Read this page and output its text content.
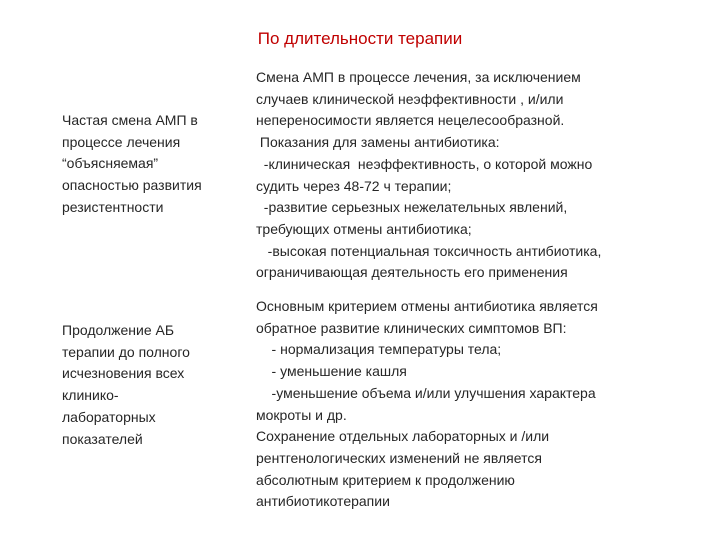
По длительности терапии
Частая смена АМП в
процессе лечения
“объясняемая”
опасностью развития
резистентности
Смена АМП в процессе лечения, за исключением
случаев клинической неэффективности , и/или
непереносимости является нецелесообразной.
Показания для замены антибиотика:
-клиническая  неэффективность, о которой можно
судить через 48-72 ч терапии;
-развитие серьезных нежелательных явлений,
требующих отмены антибиотика;
-высокая потенциальная токсичность антибиотика,
ограничивающая деятельность его применения
Продолжение АБ
терапии до полного
исчезновения всех
клинико-
лабораторных
показателей
Основным критерием отмены антибиотика является
обратное развитие клинических симптомов ВП:
- нормализация температуры тела;
- уменьшение кашля
-уменьшение объема и/или улучшения характера
мокроты и др.
Сохранение отдельных лабораторных и /или
рентгенологических изменений не является
абсолютным критерием к продолжению
антибиотикотерапии
